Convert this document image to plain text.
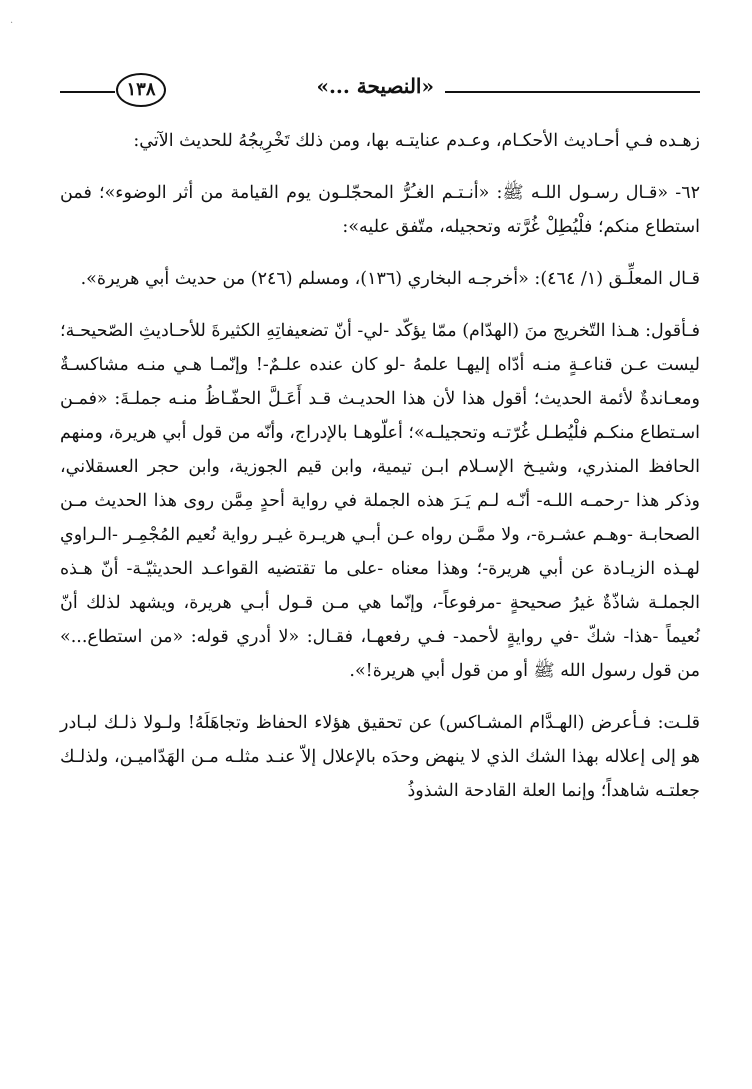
·
«النصيحة ...»
١٣٨

زهـده فـي أحـاديث الأحكـام، وعـدم عنايتـه بها، ومن ذلك تَخْرِيجُهُ للحديث الآتي:

٦٢- «قـال رسـول اللـه ﷺ: «أنـتـم الغـُرُّ المحجّلـون يوم القيامة من أثر الوضوء»؛ فمن استطاع منكم؛ فلْيُطِلْ غُرَّته وتحجيله، متّفق عليه»:

قـال المعلِّـق (١/ ٤٦٤): «أخرجـه البخاري (١٣٦)، ومسلم (٢٤٦) من حديث أبي هريرة».

فـأقول: هـذا التّخريج منَ (الهدّام) ممّا يؤكّد -لي- أنّ تضعيفاتِهِ الكثيرةَ للأحـاديثِ الصّحيحـة؛ ليست عـن قناعـةٍ منـه أدّاه إليهـا علمهُ -لو كان عنده علـمٌ-! وإنّمـا هـي منـه مشاكسـةٌ ومعـاندةٌ لأئمة الحديث؛ أقول هذا لأن هذا الحديـث قـد أَعَـلَّ الحفّـاظُ منـه جملـةَ: «فمـن اسـتطاع منكـم فلْيُطـل غُرّتـه وتحجيلـه»؛ أعلّوهـا بالإدراج، وأنّه من قول أبي هريرة، ومنهم الحافظ المنذري، وشيـخ الإسـلام ابـن تيمية، وابن قيم الجوزية، وابن حجر العسقلاني، وذكر هذا -رحمـه اللـه- أنّـه لـم يَـرَ هذه الجملة في رواية أحدٍ مِمَّن روى هذا الحديث مـن الصحابـة -وهـم عشـرة-، ولا ممَّـن رواه عـن أبـي هريـرة غيـر رواية نُعيم المُجْمِـر -الـراوي لهـذه الزيـادة عن أبي هريرة-؛ وهذا معناه -على ما تقتضيه القواعـد الحديثيّـة- أنّ هـذه الجملـة شاذّةٌ غيرُ صحيحةٍ -مرفوعاً-، وإنّما هي مـن قـول أبـي هريرة، ويشهد لذلك أنّ نُعيماً -هذا- شكّ -في روايةٍ لأحمد- فـي رفعهـا، فقـال: «لا أدري قوله: «من استطاع...» من قول رسول الله ﷺ أو من قول أبي هريرة!».

قلـت: فـأعرض (الهـدَّام المشـاكس) عن تحقيق هؤلاء الحفاظ وتجاهَلَهُ! ولـولا ذلـك لبـادر هو إلى إعلاله بهذا الشك الذي لا ينهض وحدَه بالإعلال إلاّ عنـد مثلـه مـن الهَدّاميـن، ولذلـك جعلتـه شاهداً؛ وإنما العلة القادحة الشذوذُ
